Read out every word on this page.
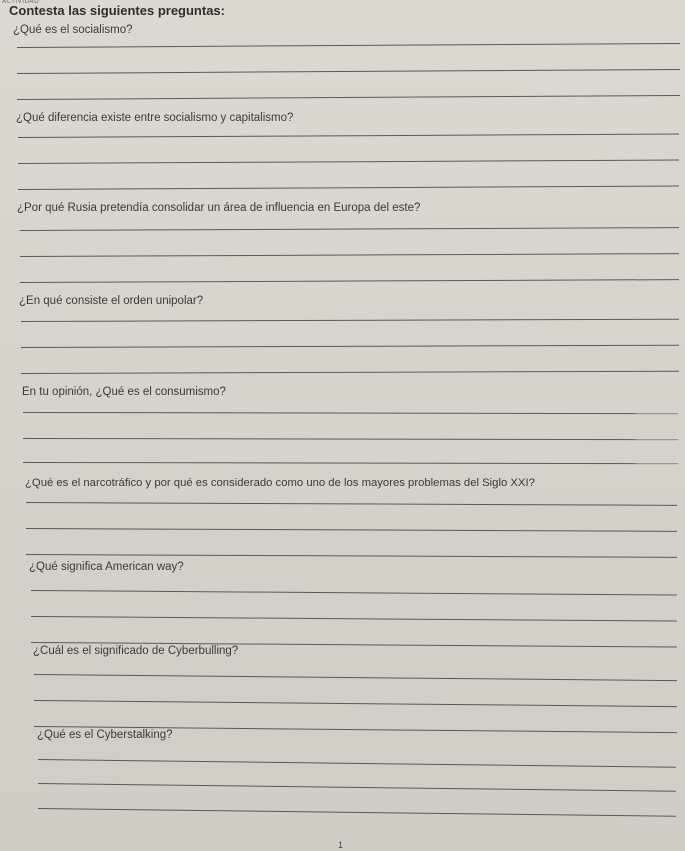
ACTIVIDAD
Contesta las siguientes preguntas:
¿Qué es el socialismo?
¿Qué diferencia existe entre socialismo y capitalismo?
¿Por qué Rusia pretendía consolidar un área de influencia en Europa del este?
¿En qué consiste el orden unipolar?
En tu opinión, ¿Qué es el consumismo?
¿Qué es el narcotráfico y por qué es considerado como uno de los mayores problemas del Siglo XXI?
¿Qué significa American way?
¿Cuál es el significado de Cyberbulling?
¿Qué es el Cyberstalking?
1
